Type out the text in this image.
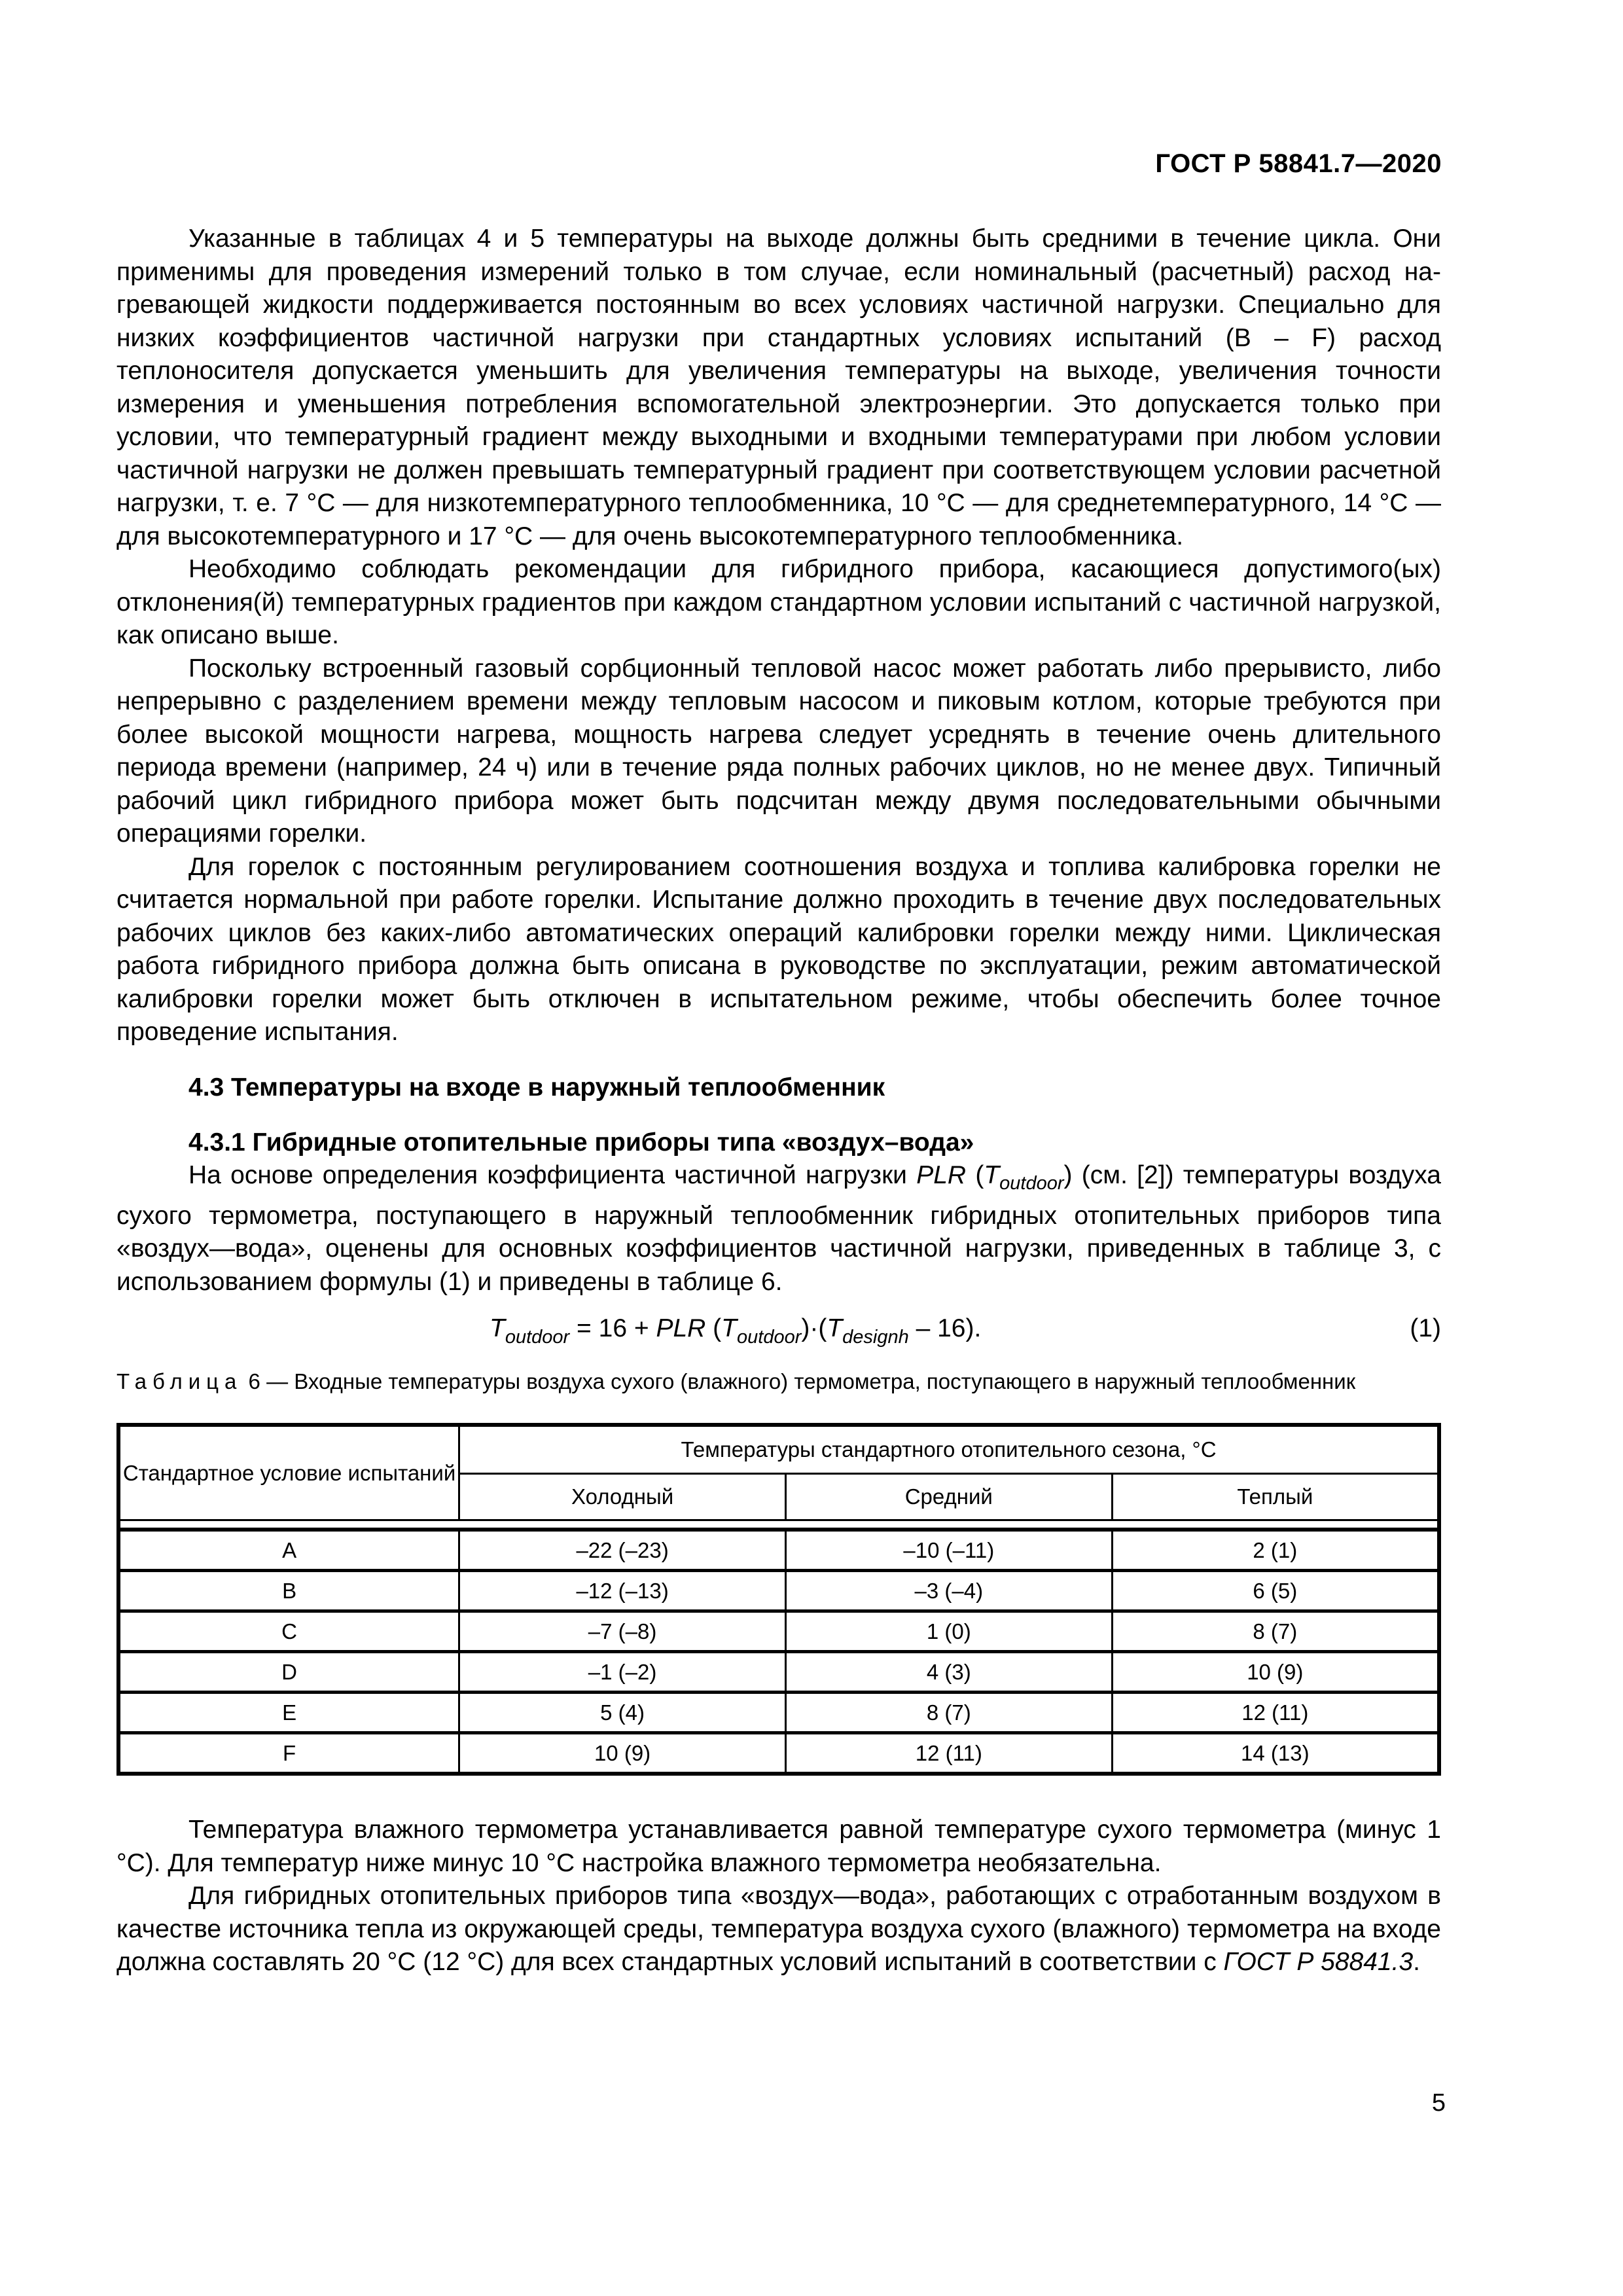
ГОСТ Р 58841.7—2020

Указанные в таблицах 4 и 5 температуры на выходе должны быть средними в течение цикла. Они применимы для проведения измерений только в том случае, если номинальный (расчетный) расход нагревающей жидкости поддерживается постоянным во всех условиях частичной нагрузки. Специально для низких коэффициентов частичной нагрузки при стандартных условиях испытаний (B – F) расход теплоносителя допускается уменьшить для увеличения температуры на выходе, увеличения точности измерения и уменьшения потребления вспомогательной электроэнергии. Это допускается только при условии, что температурный градиент между выходными и входными температурами при любом условии частичной нагрузки не должен превышать температурный градиент при соответствующем условии расчетной нагрузки, т. е. 7 °С — для низкотемпературного теплообменника, 10 °С — для среднетемпературного, 14 °С — для высокотемпературного и 17 °С — для очень высокотемпературного теплообменника.

Необходимо соблюдать рекомендации для гибридного прибора, касающиеся допустимого(ых) отклонения(й) температурных градиентов при каждом стандартном условии испытаний с частичной нагрузкой, как описано выше.

Поскольку встроенный газовый сорбционный тепловой насос может работать либо прерывисто, либо непрерывно с разделением времени между тепловым насосом и пиковым котлом, которые требуются при более высокой мощности нагрева, мощность нагрева следует усреднять в течение очень длительного периода времени (например, 24 ч) или в течение ряда полных рабочих циклов, но не менее двух. Типичный рабочий цикл гибридного прибора может быть подсчитан между двумя последовательными обычными операциями горелки.

Для горелок с постоянным регулированием соотношения воздуха и топлива калибровка горелки не считается нормальной при работе горелки. Испытание должно проходить в течение двух последовательных рабочих циклов без каких-либо автоматических операций калибровки горелки между ними. Циклическая работа гибридного прибора должна быть описана в руководстве по эксплуатации, режим автоматической калибровки горелки может быть отключен в испытательном режиме, чтобы обеспечить более точное проведение испытания.

4.3 Температуры на входе в наружный теплообменник
4.3.1 Гибридные отопительные приборы типа «воздух–вода»

На основе определения коэффициента частичной нагрузки PLR $(T_{outdoor})$ (см. [2]) температуры воздуха сухого термометра, поступающего в наружный теплообменник гибридных отопительных приборов типа «воздух—вода», оценены для основных коэффициентов частичной нагрузки, приведенных в таблице 3, с использованием формулы (1) и приведены в таблице 6.

$T_{outdoor} = 16$ + PLR $(T_{outdoor})\cdot(T_{designh} - 16)$.	(1)
Таблица 6 — Входные температуры воздуха сухого (влажного) термометра, поступающего в наружный теплообменник
Стандартное условие испытаний	Температуры стандартного отопительного сезона, °С		
	Холодный	Средний	Теплый

A	–22 (–23)	–10 (–11)	2 (1)
B	–12 (–13)	–3 (–4)	6 (5)
C	–7 (–8)	1 (0)	8 (7)
D	–1 (–2)	4 (3)	10 (9)
E	5 (4)	8 (7)	12 (11)
F	10 (9)	12 (11)	14 (13)

Температура влажного термометра устанавливается равной температуре сухого термометра (минус 1 °С). Для температур ниже минус 10 °С настройка влажного термометра необязательна.

Для гибридных отопительных приборов типа «воздух—вода», работающих с отработанным воздухом в качестве источника тепла из окружающей среды, температура воздуха сухого (влажного) термометра на входе должна составлять 20 °С (12 °С) для всех стандартных условий испытаний в соответствии с ГОСТ Р 58841.3.

5
